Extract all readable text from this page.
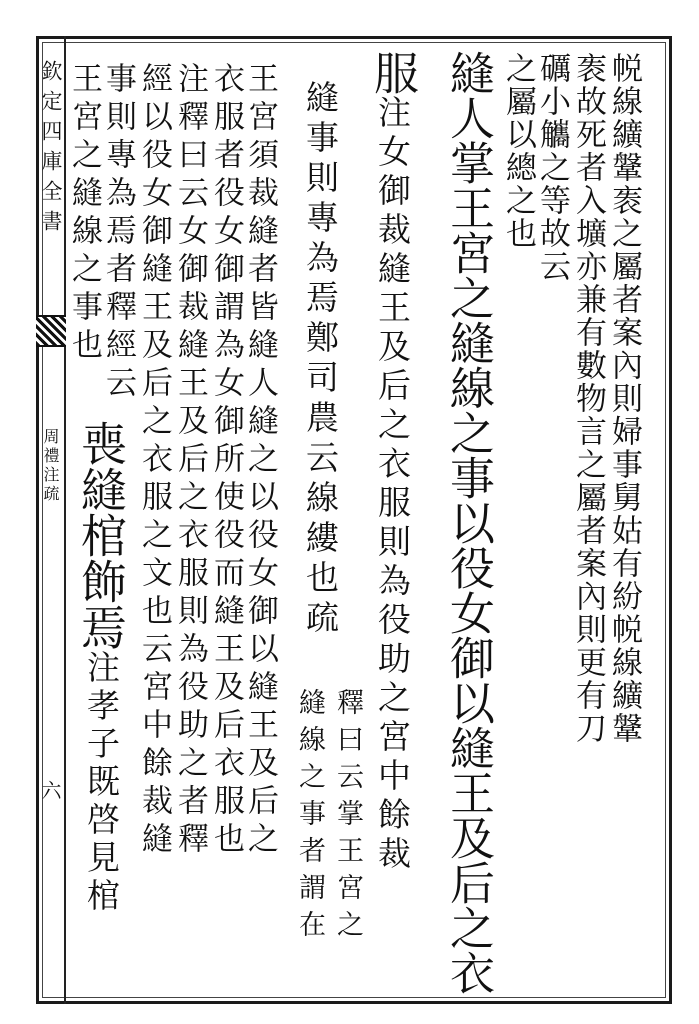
欽定四庫全書
周禮注疏
六
帨線纊鞶袠之屬者案內則婦事舅姑有紛帨線纊鞶
袠故死者入壙亦兼有數物言之屬者案內則更有刀
礪小觿之等故云
之屬以總之也
縫人掌王宮之縫線之事以役女御以縫王及后之衣
服注女御裁縫王及后之衣服則為役助之宮中餘裁
縫事則專為焉鄭司農云線縷也疏
釋曰云掌王宮之
縫線之事者謂在
王宮須裁縫者皆縫人縫之以役女御以縫王及后之
衣服者役女御謂為女御所使役而縫王及后衣服也
注釋曰云女御裁縫王及后之衣服則為役助之者釋
經以役女御縫王及后之衣服之文也云宮中餘裁縫
事則專為焉者釋經云
王宮之縫線之事也
喪縫棺飾焉注孝子既啓見棺
